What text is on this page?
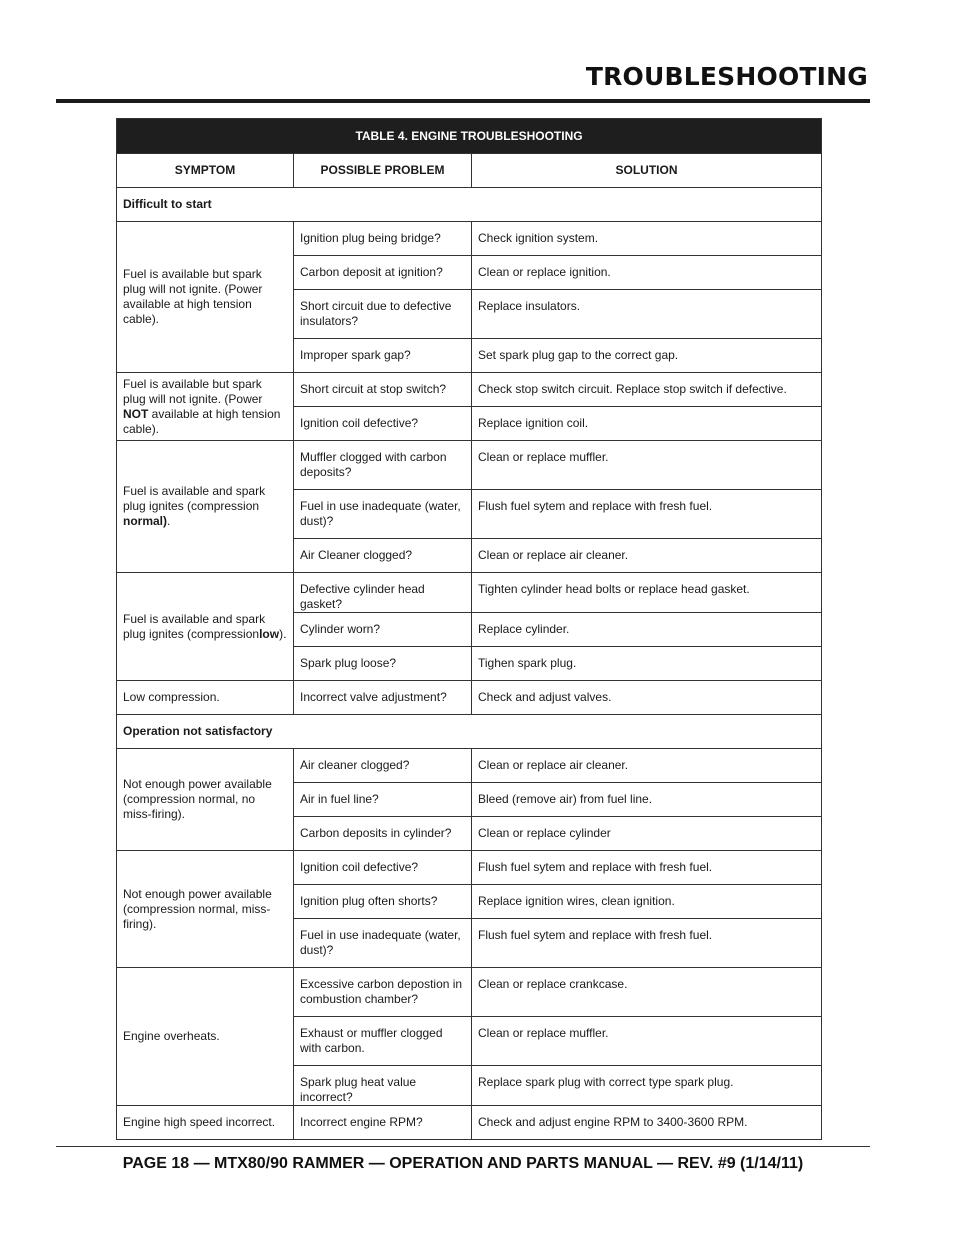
TROUBLESHOOTING
TABLE 4. ENGINE TROUBLESHOOTING		
SYMPTOM	POSSIBLE PROBLEM	SOLUTION
Difficult to start		
Fuel is available but spark plug will not ignite. (Power available at high tension cable).	Ignition plug being bridge?	Check ignition system.
	Carbon deposit at ignition?	Clean or replace ignition.
	Short circuit due to defective insulators?	Replace insulators.
	Improper spark gap?	Set spark plug gap to the correct gap.
Fuel is available but spark plug will not ignite. (Power NOT available at high tension cable).	Short circuit at stop switch?	Check stop switch circuit. Replace stop switch if defective.
	Ignition coil defective?	Replace ignition coil.
Fuel is available and spark plug ignites (compression normal).	Muffler clogged with carbon deposits?	Clean or replace muffler.
	Fuel in use inadequate (water, dust)?	Flush fuel sytem and replace with fresh fuel.
	Air Cleaner clogged?	Clean or replace air cleaner.
Fuel is available and spark plug ignites (compressionlow).	Defective cylinder head gasket?	Tighten cylinder head bolts or replace head gasket.
	Cylinder worn?	Replace cylinder.
	Spark plug loose?	Tighen spark plug.
Low compression.	Incorrect valve adjustment?	Check and adjust valves.
Operation not satisfactory		
Not enough power available (compression normal, no miss-firing).	Air cleaner clogged?	Clean or replace air cleaner.
	Air in fuel line?	Bleed (remove air) from fuel line.
	Carbon deposits in cylinder?	Clean or replace cylinder
Not enough power available (compression normal, miss-firing).	Ignition coil defective?	Flush fuel sytem and replace with fresh fuel.
	Ignition plug often shorts?	Replace ignition wires, clean ignition.
	Fuel in use inadequate (water, dust)?	Flush fuel sytem and replace with fresh fuel.
Engine overheats.	Excessive carbon depostion in combustion chamber?	Clean or replace crankcase.
	Exhaust or muffler clogged with carbon.	Clean or replace muffler.
	Spark plug heat value incorrect?	Replace spark plug with correct type spark plug.
Engine high speed incorrect.	Incorrect engine RPM?	Check and adjust engine RPM to 3400-3600 RPM.
PAGE 18 — MTX80/90 RAMMER — OPERATION AND PARTS MANUAL — REV. #9 (1/14/11)
